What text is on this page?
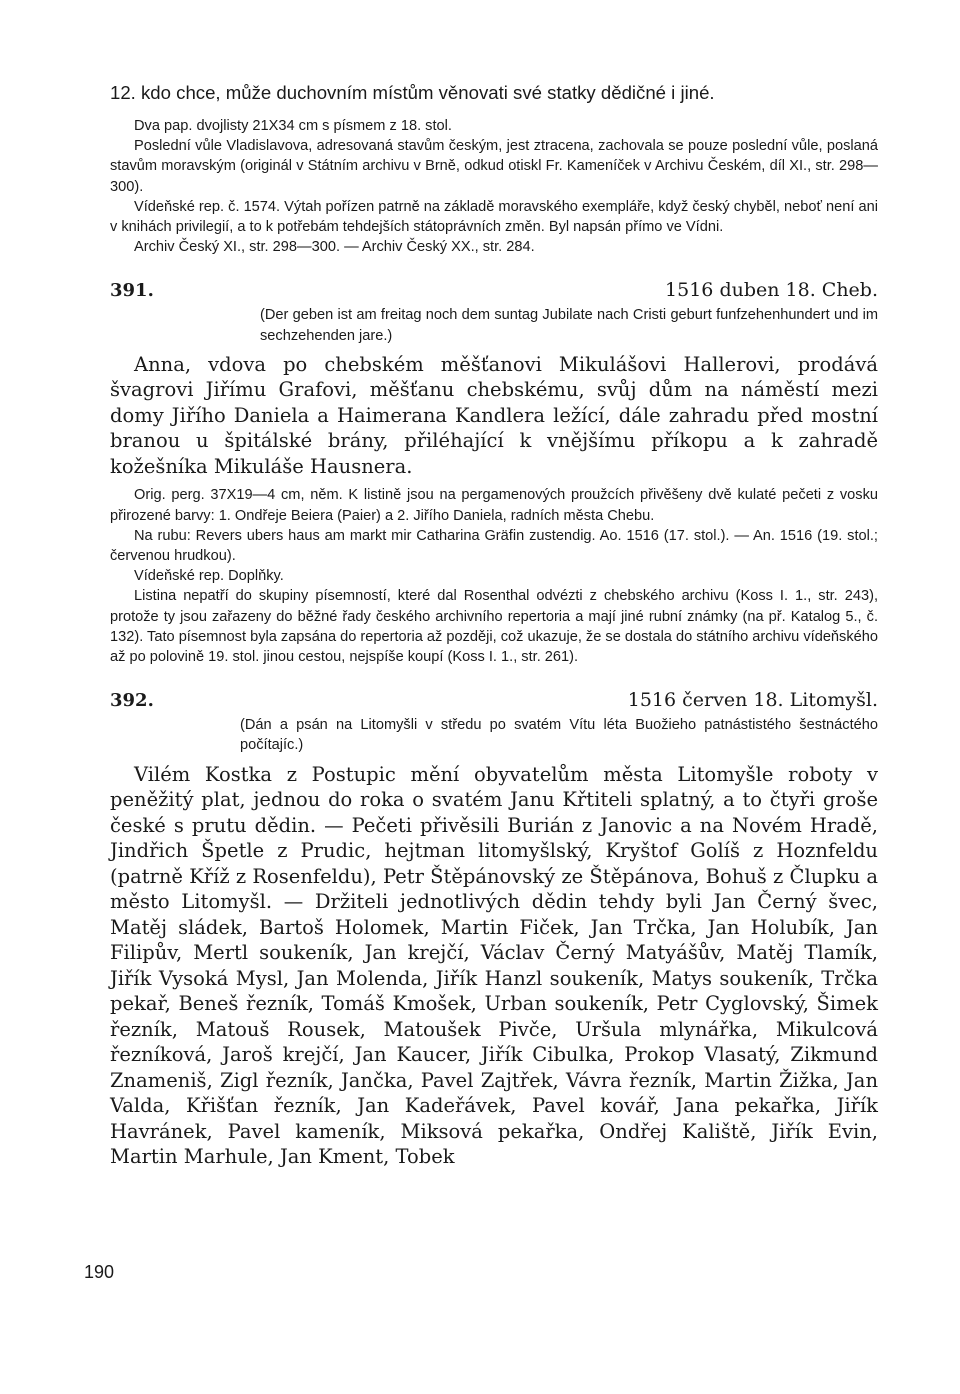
12. kdo chce, může duchovním místům věnovati své statky dědičné i jiné.

Dva pap. dvojlisty 21X34 cm s písmem z 18. stol.

Poslední vůle Vladislavova, adresovaná stavům českým, jest ztracena, zachovala se pouze poslední vůle, poslaná stavům moravským (originál v Státním archivu v Brně, odkud otiskl Fr. Kameníček v Archivu Českém, díl XI., str. 298—300).

Vídeňské rep. č. 1574. Výtah pořízen patrně na základě moravského exempláře, když český chyběl, neboť není ani v knihách privilegií, a to k potřebám tehdejších státoprávních změn. Byl napsán přímo ve Vídni.

Archiv Český XI., str. 298—300. — Archiv Český XX., str. 284.

391.	1516 duben 18. Cheb.

(Der geben ist am freitag noch dem suntag Jubilate nach Cristi geburt funfzehenhundert und im sechzehenden jare.)

Anna, vdova po chebském měšťanovi Mikulášovi Hallerovi, prodává švagrovi Jiřímu Grafovi, měšťanu chebskému, svůj dům na náměstí mezi domy Jiřího Daniela a Haimerana Kandlera ležící, dále zahradu před mostní branou u špitálské brány, přiléhající k vnějšímu příkopu a k zahradě kožešníka Mikuláše Hausnera.

Orig. perg. 37X19—4 cm, něm. K listině jsou na pergamenových proužcích přivěšeny dvě kulaté pečeti z vosku přirozené barvy: 1. Ondřeje Beiera (Paier) a 2. Jiřího Daniela, radních města Chebu.

Na rubu: Revers ubers haus am markt mir Catharina Gräfin zustendig. Ao. 1516 (17. stol.). — An. 1516 (19. stol.; červenou hrudkou).

Vídeňské rep. Doplňky.

Listina nepatří do skupiny písemností, které dal Rosenthal odvézti z chebského archivu (Koss I. 1., str. 243), protože ty jsou zařazeny do běžné řady českého archivního repertoria a mají jiné rubní známky (na př. Katalog 5., č. 132). Tato písemnost byla zapsána do repertoria až později, což ukazuje, že se dostala do státního archivu vídeňského až po polovině 19. stol. jinou cestou, nejspíše koupí (Koss I. 1., str. 261).

392.	1516 červen 18. Litomyšl.

(Dán a psán na Litomyšli v středu po svatém Vítu léta Buožieho patnástistého šestnáctého počítajíc.)

Vilém Kostka z Postupic mění obyvatelům města Litomyšle roboty v peněžitý plat, jednou do roka o svatém Janu Křtiteli splatný, a to čtyři groše české s prutu dědin. — Pečeti přivěsili Burián z Janovic a na Novém Hradě, Jindřich Špetle z Prudic, hejtman litomyšlský, Kryštof Golíš z Hoznfeldu (patrně Kříž z Rosenfeldu), Petr Štěpánovský ze Štěpánova, Bohuš z Člupku a město Litomyšl. — Držiteli jednotlivých dědin tehdy byli Jan Černý švec, Matěj sládek, Bartoš Holomek, Martin Fiček, Jan Trčka, Jan Holubík, Jan Filipův, Mertl soukeník, Jan krejčí, Václav Černý Matyášův, Matěj Tlamík, Jiřík Vysoká Mysl, Jan Molenda, Jiřík Hanzl soukeník, Matys soukeník, Trčka pekař, Beneš řezník, Tomáš Kmošek, Urban soukeník, Petr Cyglovský, Šimek řezník, Matouš Rousek, Matoušek Pivče, Uršula mlynářka, Mikulcová řezníková, Jaroš krejčí, Jan Kaucer, Jiřík Cibulka, Prokop Vlasatý, Zikmund Znameniš, Zigl řezník, Jančka, Pavel Zajtřek, Vávra řezník, Martin Žižka, Jan Valda, Křišťan řezník, Jan Kadeřávek, Pavel kovář, Jana pekařka, Jiřík Havránek, Pavel kameník, Miksová pekařka, Ondřej Kaliště, Jiřík Evin, Martin Marhule, Jan Kment, Tobek

190
